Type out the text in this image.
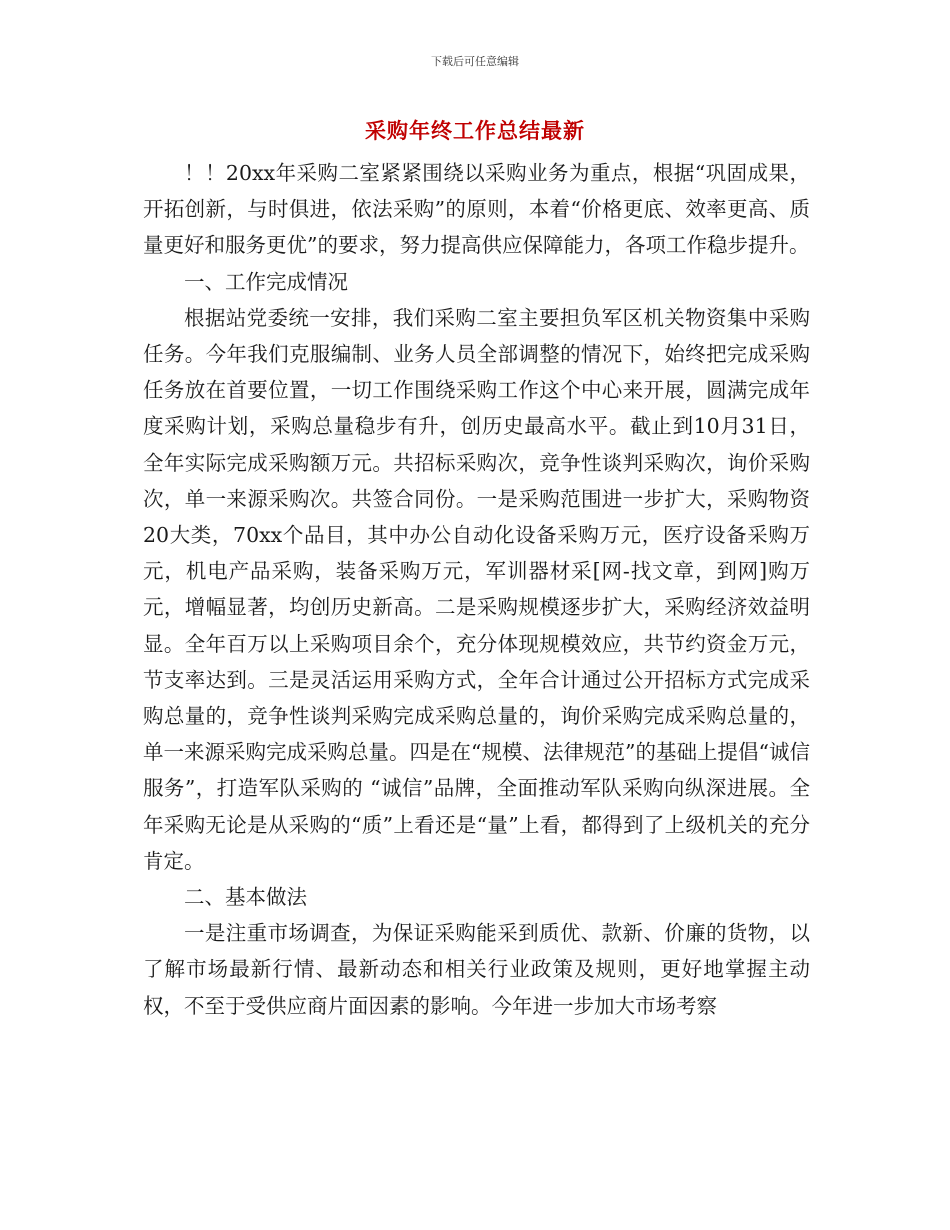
下载后可任意编辑
采购年终工作总结最新

！！20xx年采购二室紧紧围绕以采购业务为重点，根据“巩固成果，开拓创新，与时俱进，依法采购”的原则，本着“价格更底、效率更高、质量更好和服务更优”的要求，努力提高供应保障能力，各项工作稳步提升。

一、工作完成情况

根据站党委统一安排，我们采购二室主要担负军区机关物资集中采购任务。今年我们克服编制、业务人员全部调整的情况下，始终把完成采购任务放在首要位置，一切工作围绕采购工作这个中心来开展，圆满完成年度采购计划，采购总量稳步有升，创历史最高水平。截止到10月31日，全年实际完成采购额万元。共招标采购次，竞争性谈判采购次，询价采购次，单一来源采购次。共签合同份。一是采购范围进一步扩大，采购物资20大类，70xx个品目，其中办公自动化设备采购万元，医疗设备采购万元，机电产品采购，装备采购万元，军训器材采[网-找文章，到网]购万元，增幅显著，均创历史新高。二是采购规模逐步扩大，采购经济效益明显。全年百万以上采购项目余个，充分体现规模效应，共节约资金万元，节支率达到。三是灵活运用采购方式，全年合计通过公开招标方式完成采购总量的，竞争性谈判采购完成采购总量的，询价采购完成采购总量的，单一来源采购完成采购总量。四是在“规模、法律规范”的基础上提倡“诚信服务”，打造军队采购的 “诚信”品牌，全面推动军队采购向纵深进展。全年采购无论是从采购的“质”上看还是“量”上看，都得到了上级机关的充分肯定。

二、基本做法

一是注重市场调查，为保证采购能采到质优、款新、价廉的货物，以了解市场最新行情、最新动态和相关行业政策及规则，更好地掌握主动权，不至于受供应商片面因素的影响。今年进一步加大市场考察
